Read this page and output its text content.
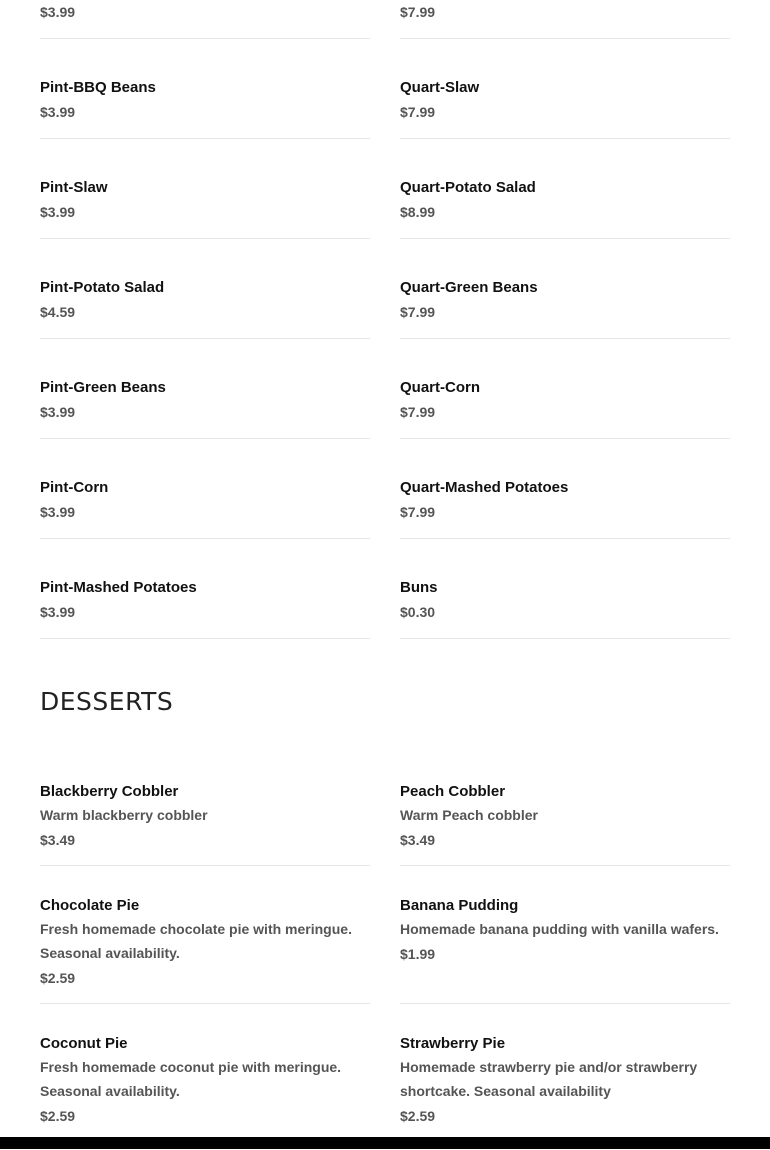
$3.99	$7.99
Pint-BBQ Beans
$3.99
Quart-Slaw
$7.99
Pint-Slaw
$3.99
Quart-Potato Salad
$8.99
Pint-Potato Salad
$4.59
Quart-Green Beans
$7.99
Pint-Green Beans
$3.99
Quart-Corn
$7.99
Pint-Corn
$3.99
Quart-Mashed Potatoes
$7.99
Pint-Mashed Potatoes
$3.99
Buns
$0.30
DESSERTS
Blackberry Cobbler
Warm blackberry cobbler
$3.49
Peach Cobbler
Warm Peach cobbler
$3.49
Chocolate Pie
Fresh homemade chocolate pie with meringue. Seasonal availability.
$2.59
Banana Pudding
Homemade banana pudding with vanilla wafers.
$1.99
Coconut Pie
Fresh homemade coconut pie with meringue. Seasonal availability.
$2.59
Strawberry Pie
Homemade strawberry pie and/or strawberry shortcake. Seasonal availability
$2.59
